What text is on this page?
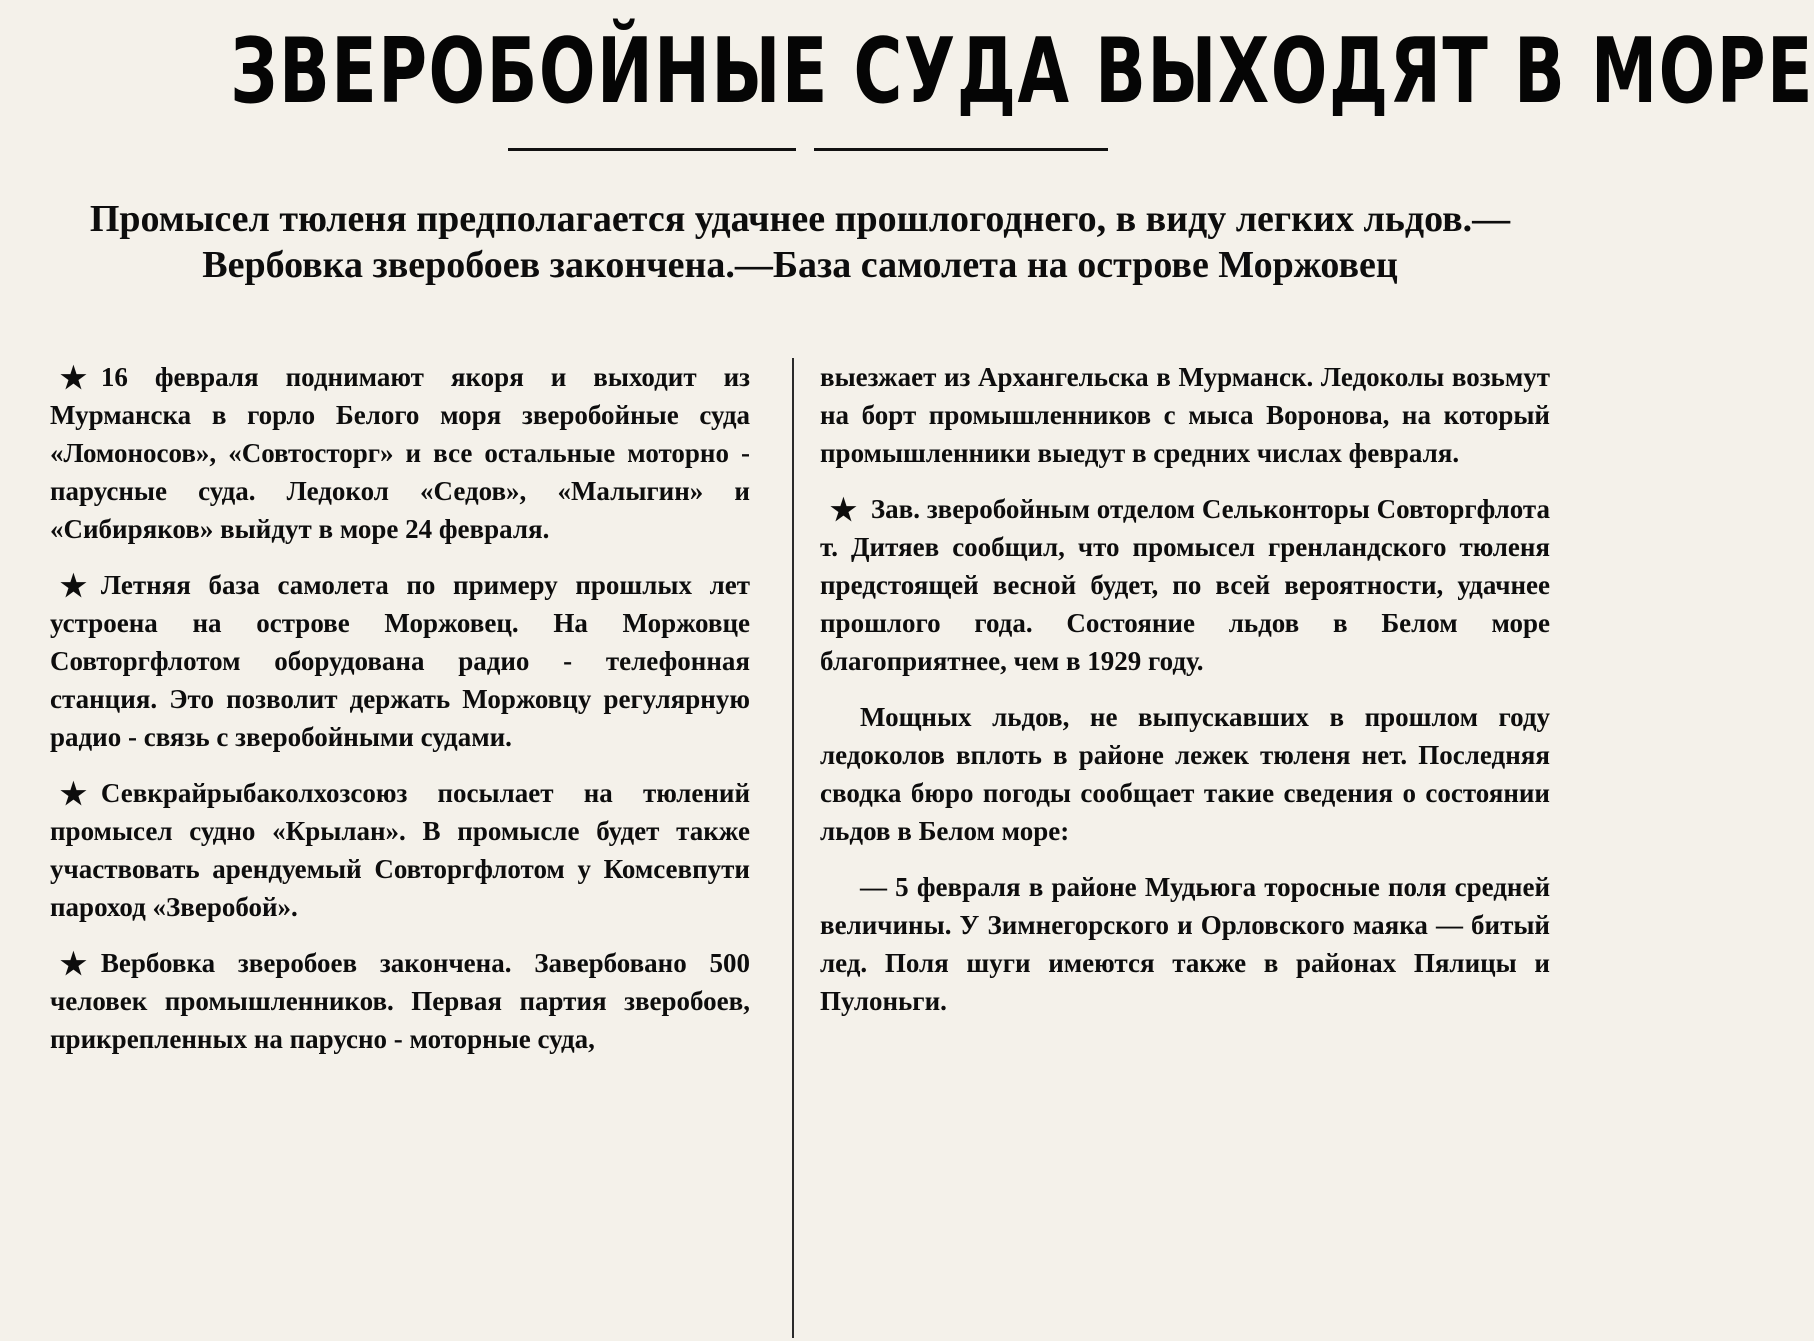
ЗВЕРОБОЙНЫЕ СУДА ВЫХОДЯТ В МОРЕ
Промысел тюленя предполагается удачнее прошлогоднего, в виду легких льдов.—Вербовка зверобоев закончена.—База самолета на острове Моржовец

★ 16 февраля поднимают якоря и выходит из Мурманска в горло Белого моря зверобойные суда «Ломоносов», «Совтосторг» и все остальные моторно - парусные суда. Ледокол «Седов», «Малыгин» и «Сибиряков» выйдут в море 24 февраля.

★ Летняя база самолета по примеру прошлых лет устроена на острове Моржовец. На Моржовце Совторгфлотом оборудована радио - телефонная станция. Это позволит держать Моржовцу регулярную радио - связь с зверобойными судами.

★ Севкрайрыбаколхозсоюз посылает на тюлений промысел судно «Крылан». В промысле будет также участвовать арендуемый Совторгфлотом у Комсевпути пароход «Зверобой».

★ Вербовка зверобоев закончена. Завербовано 500 человек промышленников. Первая партия зверобоев, прикрепленных на парусно - моторные суда,

выезжает из Архангельска в Мурманск. Ледоколы возьмут на борт промышленников с мыса Воронова, на который промышленники выедут в средних числах февраля.

★ Зав. зверобойным отделом Сельконторы Совторгфлота т. Дитяев сообщил, что промысел гренландского тюленя предстоящей весной будет, по всей вероятности, удачнее прошлого года. Состояние льдов в Белом море благоприятнее, чем в 1929 году.

Мощных льдов, не выпускавших в прошлом году ледоколов вплоть в районе лежек тюленя нет. Последняя сводка бюро погоды сообщает такие сведения о состоянии льдов в Белом море:

— 5 февраля в районе Мудьюга торосные поля средней величины. У Зимнегорского и Орловского маяка — битый лед. Поля шуги имеются также в районах Пялицы и Пулоньги.
